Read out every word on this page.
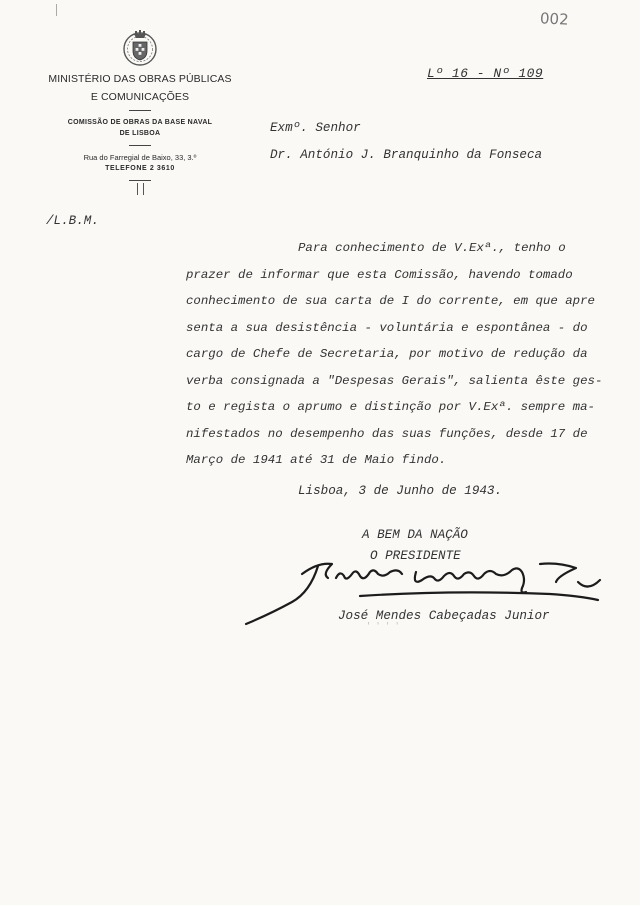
002
MINISTÉRIO DAS OBRAS PÚBLICAS
E COMUNICAÇÕES
COMISSÃO DE OBRAS DA BASE NAVAL
DE LISBOA
Rua do Farregial de Baixo, 33, 3.º
TELEFONE 2 3610
Lº 16 - Nº 109
Exmº. Senhor
Dr. António J. Branquinho da Fonseca
/L.B.M.
Para conhecimento de V.Exª., tenho o
prazer de informar que esta Comissão, havendo tomado
conhecimento de sua carta de I do corrente, em que apre
senta a sua desistência - voluntária e espontânea - do
cargo de Chefe de Secretaria, por motivo de redução da
verba consignada a "Despesas Gerais", salienta êste ges-
to e regista o aprumo e distinção por V.Exª. sempre ma-
nifestados no desempenho das suas funções, desde 17 de
Março de 1941 até 31 de Maio findo.
Lisboa, 3 de Junho de 1943.
A BEM DA NAÇÃO
O PRESIDENTE
José Mendes Cabeçadas Junior
' ' ' '
